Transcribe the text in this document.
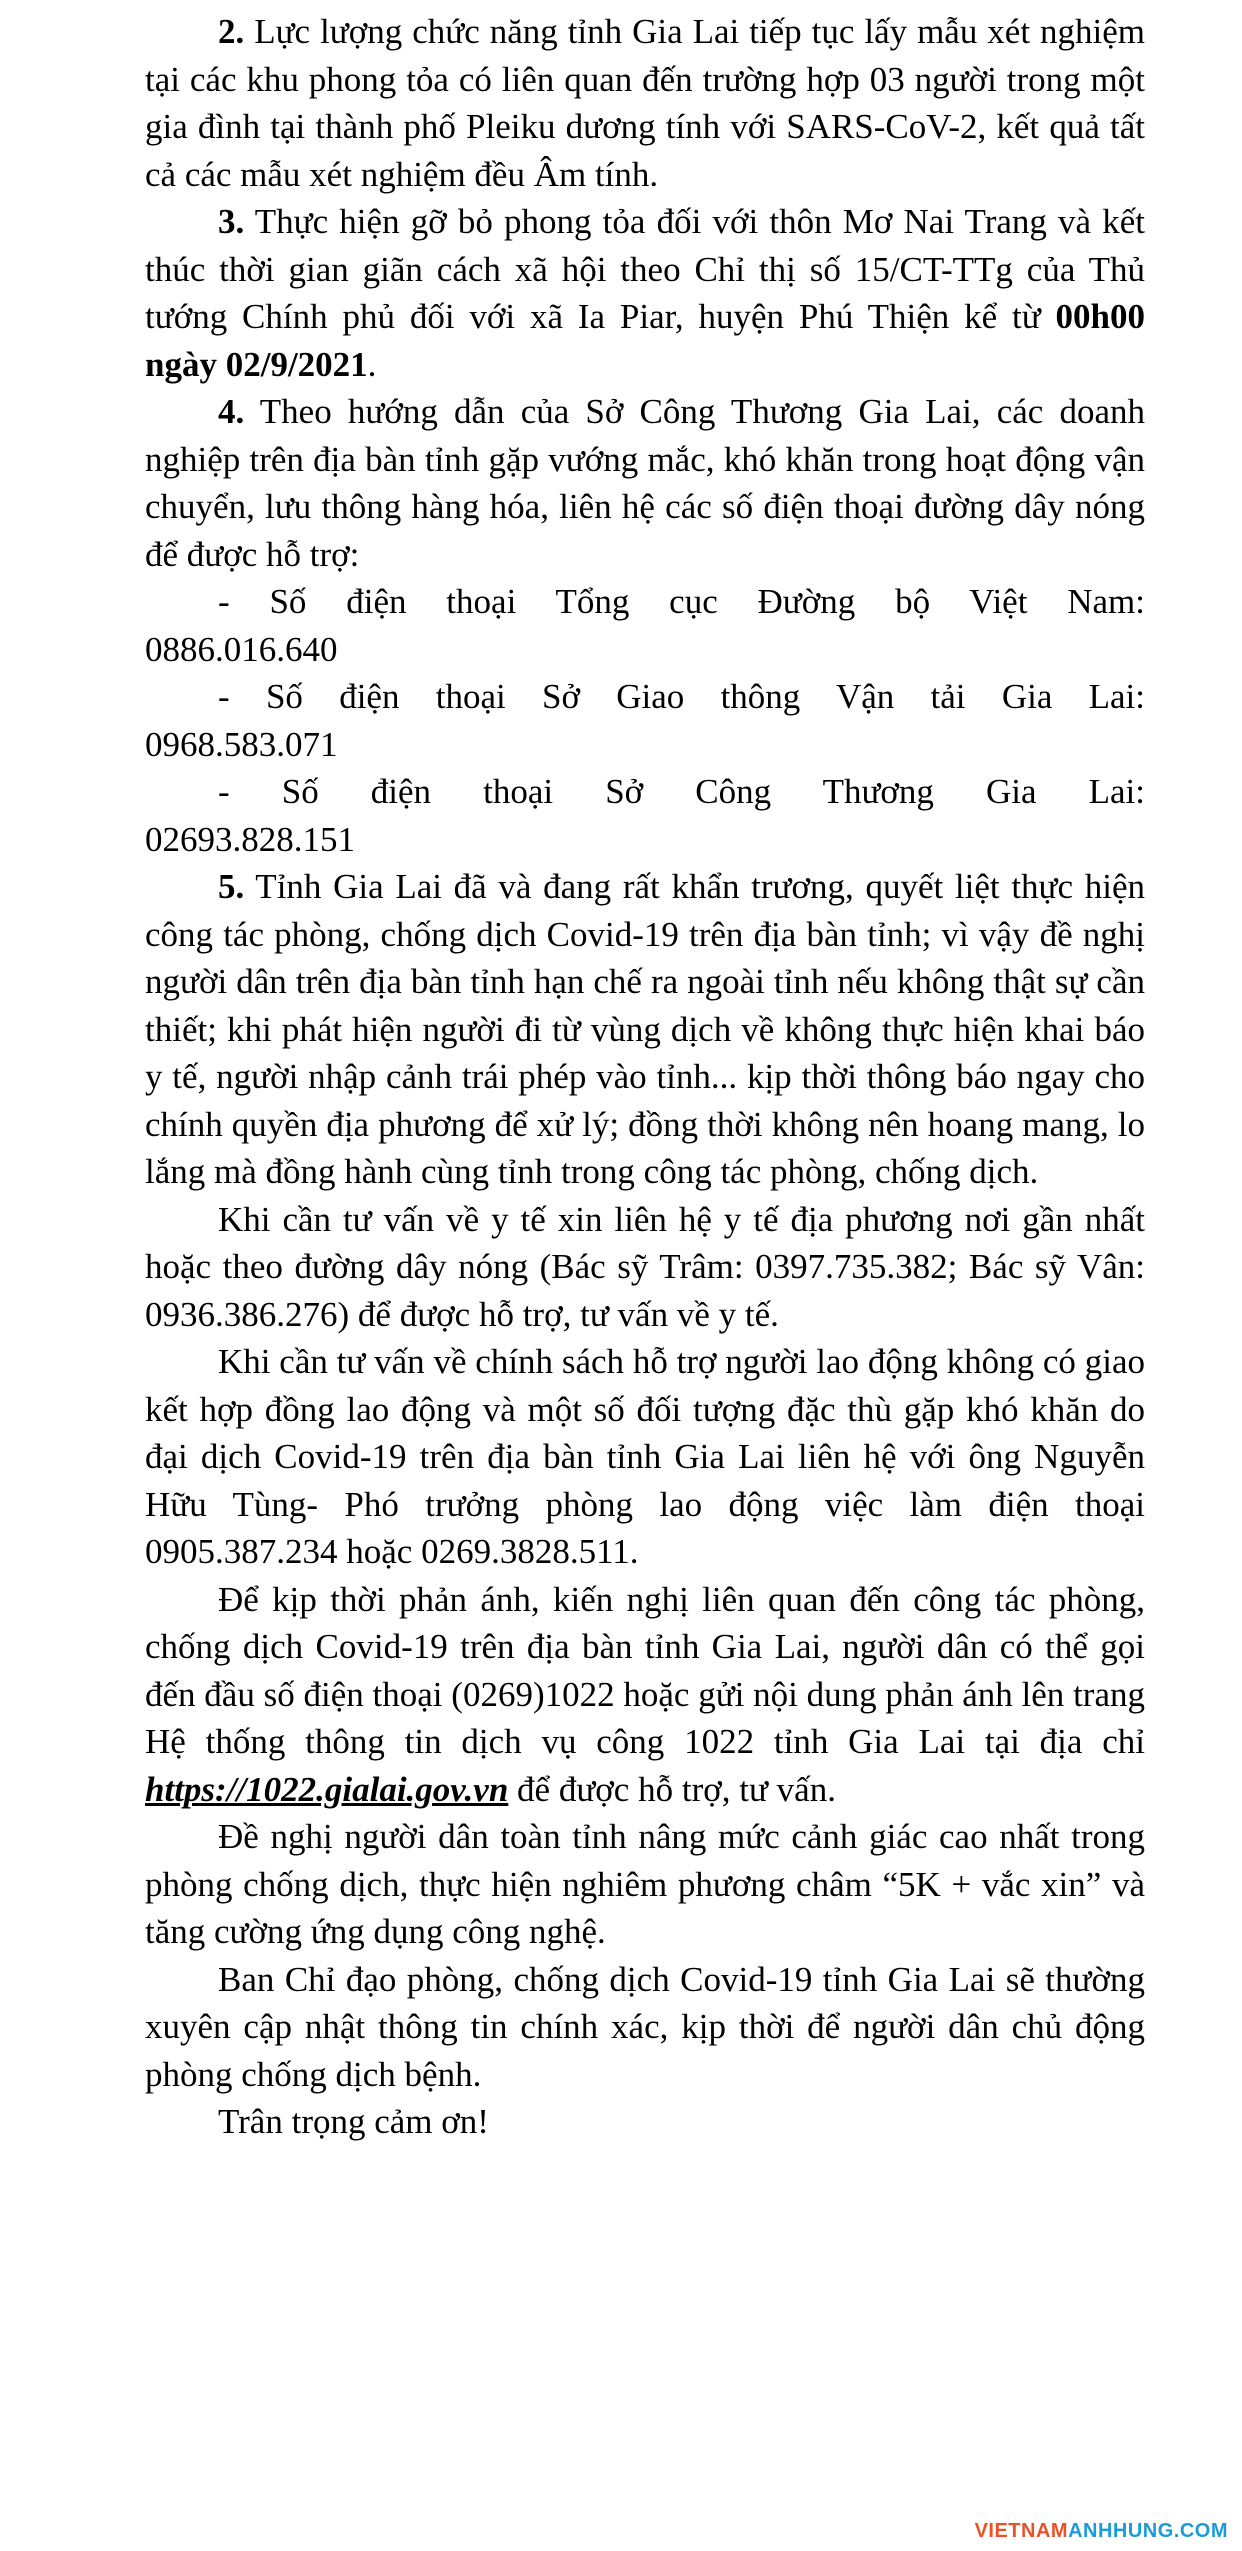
2. Lực lượng chức năng tỉnh Gia Lai tiếp tục lấy mẫu xét nghiệm tại các khu phong tỏa có liên quan đến trường hợp 03 người trong một gia đình tại thành phố Pleiku dương tính với SARS-CoV-2, kết quả tất cả các mẫu xét nghiệm đều Âm tính.

3. Thực hiện gỡ bỏ phong tỏa đối với thôn Mơ Nai Trang và kết thúc thời gian giãn cách xã hội theo Chỉ thị số 15/CT-TTg của Thủ tướng Chính phủ đối với xã Ia Piar, huyện Phú Thiện kể từ 00h00 ngày 02/9/2021.

4. Theo hướng dẫn của Sở Công Thương Gia Lai, các doanh nghiệp trên địa bàn tỉnh gặp vướng mắc, khó khăn trong hoạt động vận chuyển, lưu thông hàng hóa, liên hệ các số điện thoại đường dây nóng để được hỗ trợ:

- Số điện thoại Tổng cục Đường bộ Việt Nam:

0886.016.640

- Số điện thoại Sở Giao thông Vận tải Gia Lai:

0968.583.071

- Số điện thoại Sở Công Thương Gia Lai:

02693.828.151

5. Tỉnh Gia Lai đã và đang rất khẩn trương, quyết liệt thực hiện công tác phòng, chống dịch Covid-19 trên địa bàn tỉnh; vì vậy đề nghị người dân trên địa bàn tỉnh hạn chế ra ngoài tỉnh nếu không thật sự cần thiết; khi phát hiện người đi từ vùng dịch về không thực hiện khai báo y tế, người nhập cảnh trái phép vào tỉnh... kịp thời thông báo ngay cho chính quyền địa phương để xử lý; đồng thời không nên hoang mang, lo lắng mà đồng hành cùng tỉnh trong công tác phòng, chống dịch.

Khi cần tư vấn về y tế xin liên hệ y tế địa phương nơi gần nhất hoặc theo đường dây nóng (Bác sỹ Trâm: 0397.735.382; Bác sỹ Vân: 0936.386.276) để được hỗ trợ, tư vấn về y tế.

Khi cần tư vấn về chính sách hỗ trợ người lao động không có giao kết hợp đồng lao động và một số đối tượng đặc thù gặp khó khăn do đại dịch Covid-19 trên địa bàn tỉnh Gia Lai liên hệ với ông Nguyễn Hữu Tùng- Phó trưởng phòng lao động việc làm điện thoại 0905.387.234 hoặc 0269.3828.511.

Để kịp thời phản ánh, kiến nghị liên quan đến công tác phòng, chống dịch Covid-19 trên địa bàn tỉnh Gia Lai, người dân có thể gọi đến đầu số điện thoại (0269)1022 hoặc gửi nội dung phản ánh lên trang Hệ thống thông tin dịch vụ công 1022 tỉnh Gia Lai tại địa chỉ https://1022.gialai.gov.vn để được hỗ trợ, tư vấn.

Đề nghị người dân toàn tỉnh nâng mức cảnh giác cao nhất trong phòng chống dịch, thực hiện nghiêm phương châm “5K + vắc xin” và tăng cường ứng dụng công nghệ.

Ban Chỉ đạo phòng, chống dịch Covid-19 tỉnh Gia Lai sẽ thường xuyên cập nhật thông tin chính xác, kịp thời để người dân chủ động phòng chống dịch bệnh.

Trân trọng cảm ơn!

VIETNAMANHHUNG.COM
